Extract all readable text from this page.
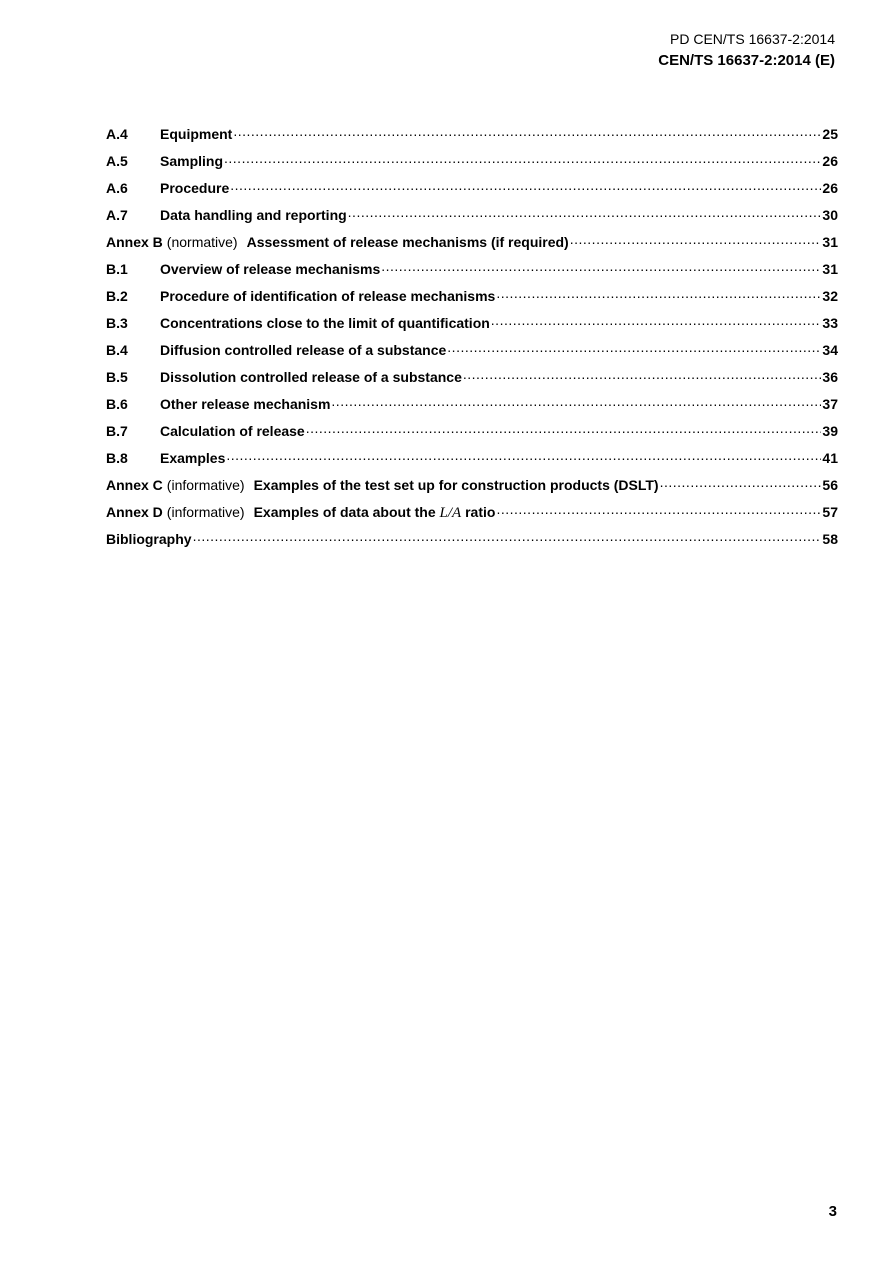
PD CEN/TS 16637-2:2014
CEN/TS 16637-2:2014 (E)
A.4	Equipment .....	25
A.5	Sampling .....	26
A.6	Procedure .....	26
A.7	Data handling and reporting .....	30
Annex B (normative) Assessment of release mechanisms (if required) .....	31
B.1	Overview of release mechanisms .....	31
B.2	Procedure of identification of release mechanisms .....	32
B.3	Concentrations close to the limit of quantification .....	33
B.4	Diffusion controlled release of a substance .....	34
B.5	Dissolution controlled release of a substance .....	36
B.6	Other release mechanism .....	37
B.7	Calculation of release .....	39
B.8	Examples .....	41
Annex C (informative) Examples of the test set up for construction products (DSLT) .....	56
Annex D (informative) Examples of data about the L/A ratio .....	57
Bibliography .....	58
3
